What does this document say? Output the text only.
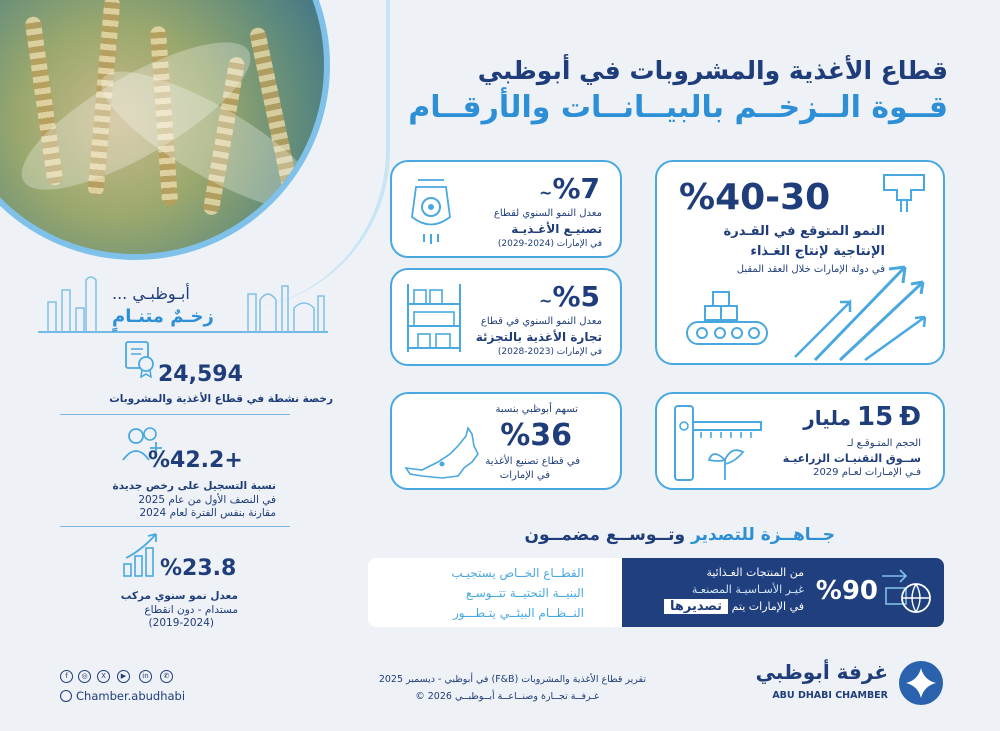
قطاع الأغذية والمشروبات في أبوظبي
قــوة الــزخــم بالبيــانــات والأرقــام
%40-30
النمو المتوقع في القـدرة
الإنتاجية لإنتاج الغـذاء
في دولة الإمارات خلال العقد المقبل
~%7
معدل النمو السنوي لقطاع
تصنيـع الأغـذيـة
في الإمارات (2024-2029)
~%5
معدل النمو السنوي في قطاع
تجارة الأغذية بالتجزئة
في الإمارات (2023-2028)
مليار 15 Đ
الحجم المتـوقـع لـ
ســوق التقنيـات الزراعيـة
فـي الإمـارات لعـام 2029
تسهم أبوظبي بنسبة
%36
في قطاع تصنيع الأغذية
في الإمارات
أبـوظبـي ...
زخـمٌ متنـامٍ
24,594
رخصة نشطة في قطاع الأغذية والمشروبات
%42.2+
نسبة التسجيل على رخص جديدة
في النصف الأول من عام 2025
مقارنة بنفس الفترة لعام 2024
%23.8
معدل نمو سنوي مركب
مستدام - دون انقطاع
(2019-2024)
جــاهــزة للتصدير وتــوســع مضمــون
القطــاع الخــاص يستجيـب
البنيــة التحتيــة تتــوسـع
النــظــام البيئــي يتـطـــور
%90
من المنتجات الغـذائية
غيـر الأسـاسيـة المصنعـة
في الإمارات يتم تصديرها
f	◎	X	▶	in	✆
Chamber.abudhabi
تقرير قطاع الأغذية والمشروبات (F&B) في أبوظبي - ديسمبر 2025
غـرفــة تجــارة وصنــاعــة أبــوظبــي 2026 ©
غرفة أبوظبي
ABU DHABI CHAMBER
